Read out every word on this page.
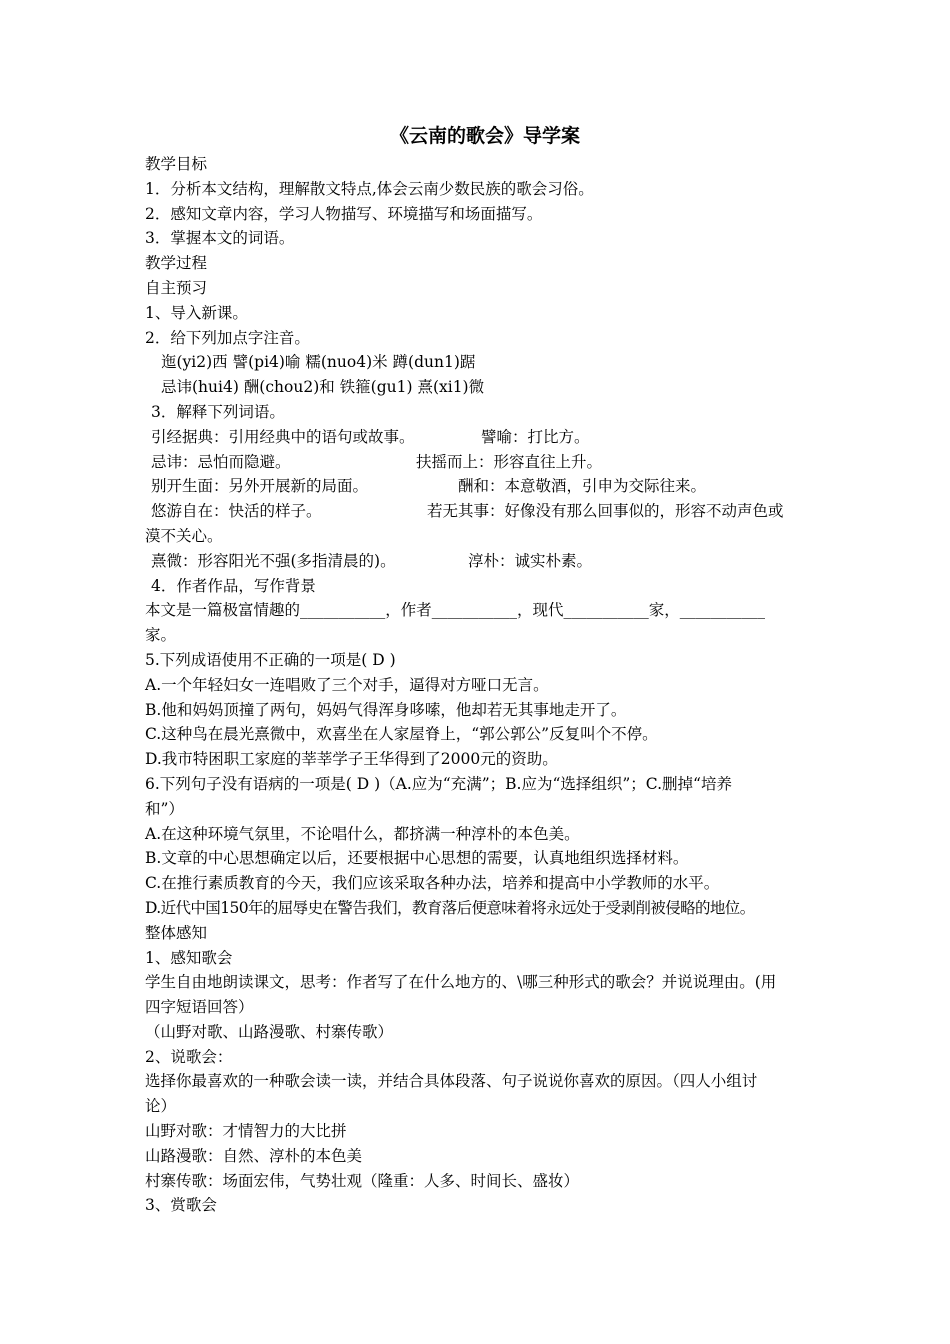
《云南的歌会》导学案
教学目标
1．分析本文结构，理解散文特点,体会云南少数民族的歌会习俗。
2．感知文章内容，学习人物描写、环境描写和场面描写。
3．掌握本文的词语。
教学过程
自主预习
1、导入新课。
2．给下列加点字注音。
迤(yi2)西 譬(pi4)喻 糯(nuo4)米 蹲(dun1)踞
忌讳(hui4) 酬(chou2)和 铁箍(gu1) 熹(xi1)微
3．解释下列词语。
引经据典：引用经典中的语句或故事。	譬喻：打比方。
忌讳：忌怕而隐避。	扶摇而上：形容直往上升。
别开生面：另外开展新的局面。	酬和：本意敬酒，引申为交际往来。
悠游自在：快活的样子。	若无其事：好像没有那么回事似的，形容不动声色或
漠不关心。
熹微：形容阳光不强(多指清晨的)。	淳朴：诚实朴素。
4．作者作品，写作背景
本文是一篇极富情趣的___________，作者___________，现代___________家，___________
家。
5.下列成语使用不正确的一项是( D )
A.一个年轻妇女一连唱败了三个对手，逼得对方哑口无言。
B.他和妈妈顶撞了两句，妈妈气得浑身哆嗦，他却若无其事地走开了。
C.这种鸟在晨光熹微中，欢喜坐在人家屋脊上，“郭公郭公”反复叫个不停。
D.我市特困职工家庭的莘莘学子王华得到了2000元的资助。
6.下列句子没有语病的一项是( D )（A.应为“充满”；B.应为“选择组织”；C.删掉“培养
和”）
A.在这种环境气氛里，不论唱什么，都挤满一种淳朴的本色美。
B.文章的中心思想确定以后，还要根据中心思想的需要，认真地组织选择材料。
C.在推行素质教育的今天，我们应该采取各种办法，培养和提高中小学教师的水平。
D.近代中国150年的屈辱史在警告我们，教育落后便意味着将永远处于受剥削被侵略的地位。
整体感知
1、感知歌会
学生自由地朗读课文，思考：作者写了在什么地方的、\哪三种形式的歌会？并说说理由。(用
四字短语回答）
（山野对歌、山路漫歌、村寨传歌）
2、说歌会：
选择你最喜欢的一种歌会读一读，并结合具体段落、句子说说你喜欢的原因。（四人小组讨
论）
山野对歌：才情智力的大比拼
山路漫歌：自然、淳朴的本色美
村寨传歌：场面宏伟，气势壮观（隆重：人多、时间长、盛妆）
3、赏歌会
